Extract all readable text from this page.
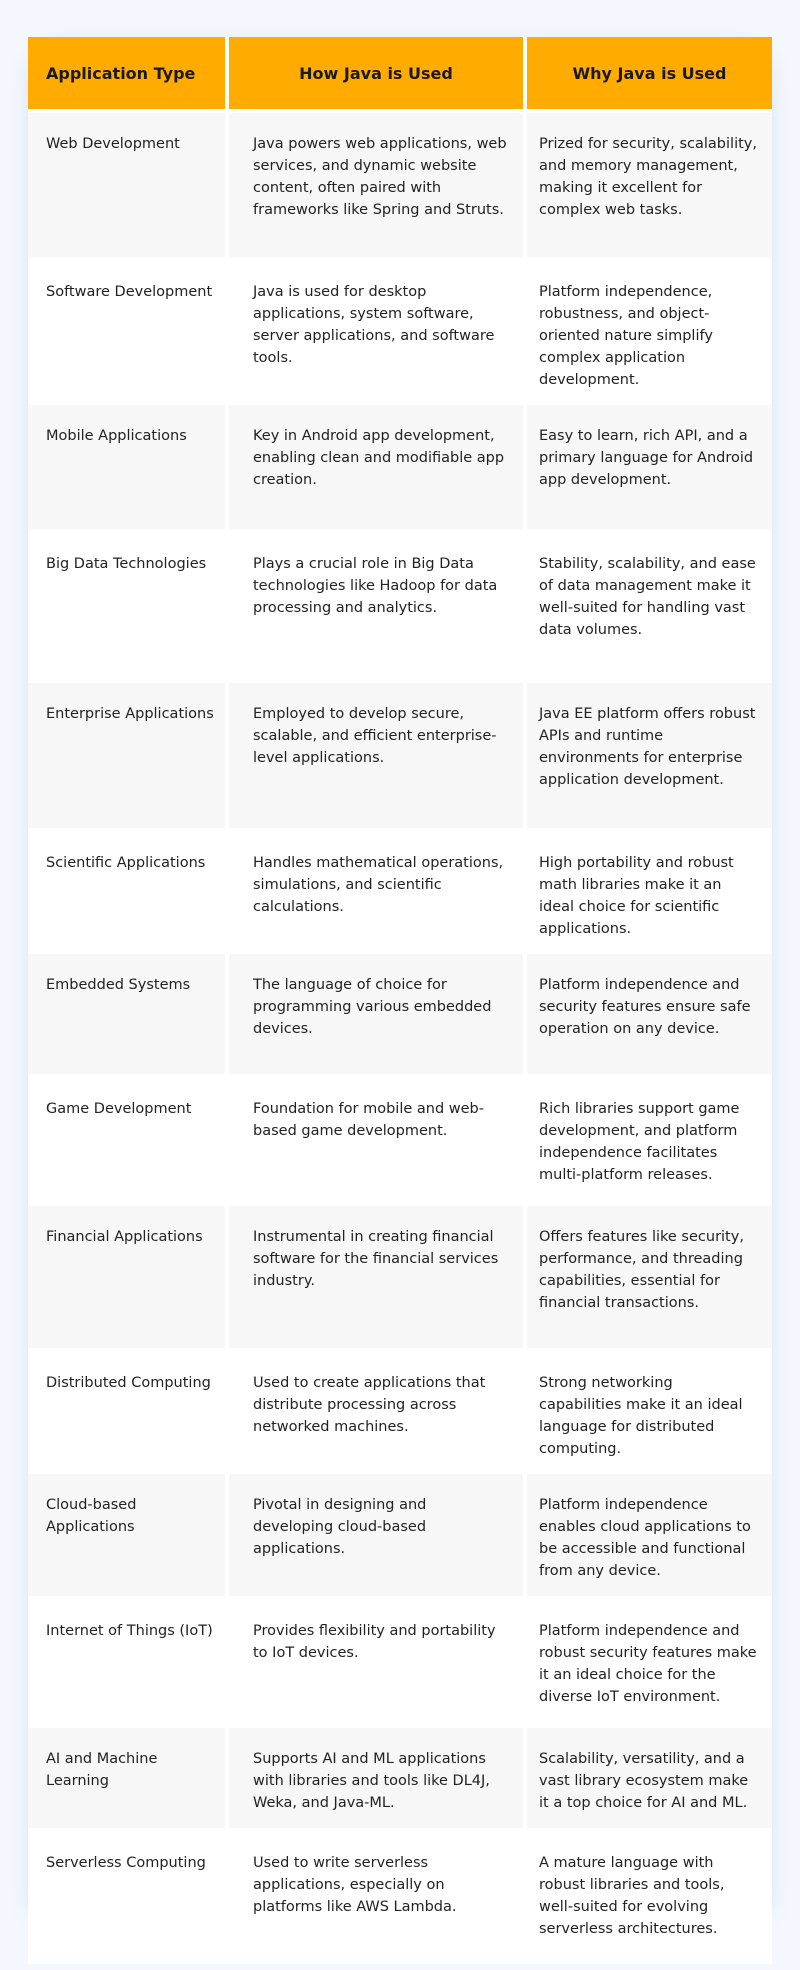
Application Type	How Java is Used	Why Java is Used
Web Development	Java powers web applications, web services, and dynamic website content, often paired with frameworks like Spring and Struts.	Prized for security, scalability, and memory management, making it excellent for complex web tasks.
Software Development	Java is used for desktop applications, system software, server applications, and software tools.	Platform independence, robustness, and object-oriented nature simplify complex application development.
Mobile Applications	Key in Android app development, enabling clean and modifiable app creation.	Easy to learn, rich API, and a primary language for Android app development.
Big Data Technologies	Plays a crucial role in Big Data technologies like Hadoop for data processing and analytics.	Stability, scalability, and ease of data management make it well-suited for handling vast data volumes.
Enterprise Applications	Employed to develop secure, scalable, and efficient enterprise-level applications.	Java EE platform offers robust APIs and runtime environments for enterprise application development.
Scientific Applications	Handles mathematical operations, simulations, and scientific calculations.	High portability and robust math libraries make it an ideal choice for scientific applications.
Embedded Systems	The language of choice for programming various embedded devices.	Platform independence and security features ensure safe operation on any device.
Game Development	Foundation for mobile and web-based game development.	Rich libraries support game development, and platform independence facilitates multi-platform releases.
Financial Applications	Instrumental in creating financial software for the financial services industry.	Offers features like security, performance, and threading capabilities, essential for financial transactions.
Distributed Computing	Used to create applications that distribute processing across networked machines.	Strong networking capabilities make it an ideal language for distributed computing.
Cloud-based Applications	Pivotal in designing and developing cloud-based applications.	Platform independence enables cloud applications to be accessible and functional from any device.
Internet of Things (IoT)	Provides flexibility and portability to IoT devices.	Platform independence and robust security features make it an ideal choice for the diverse IoT environment.
AI and Machine Learning	Supports AI and ML applications with libraries and tools like DL4J, Weka, and Java-ML.	Scalability, versatility, and a vast library ecosystem make it a top choice for AI and ML.
Serverless Computing	Used to write serverless applications, especially on platforms like AWS Lambda.	A mature language with robust libraries and tools, well-suited for evolving serverless architectures.
